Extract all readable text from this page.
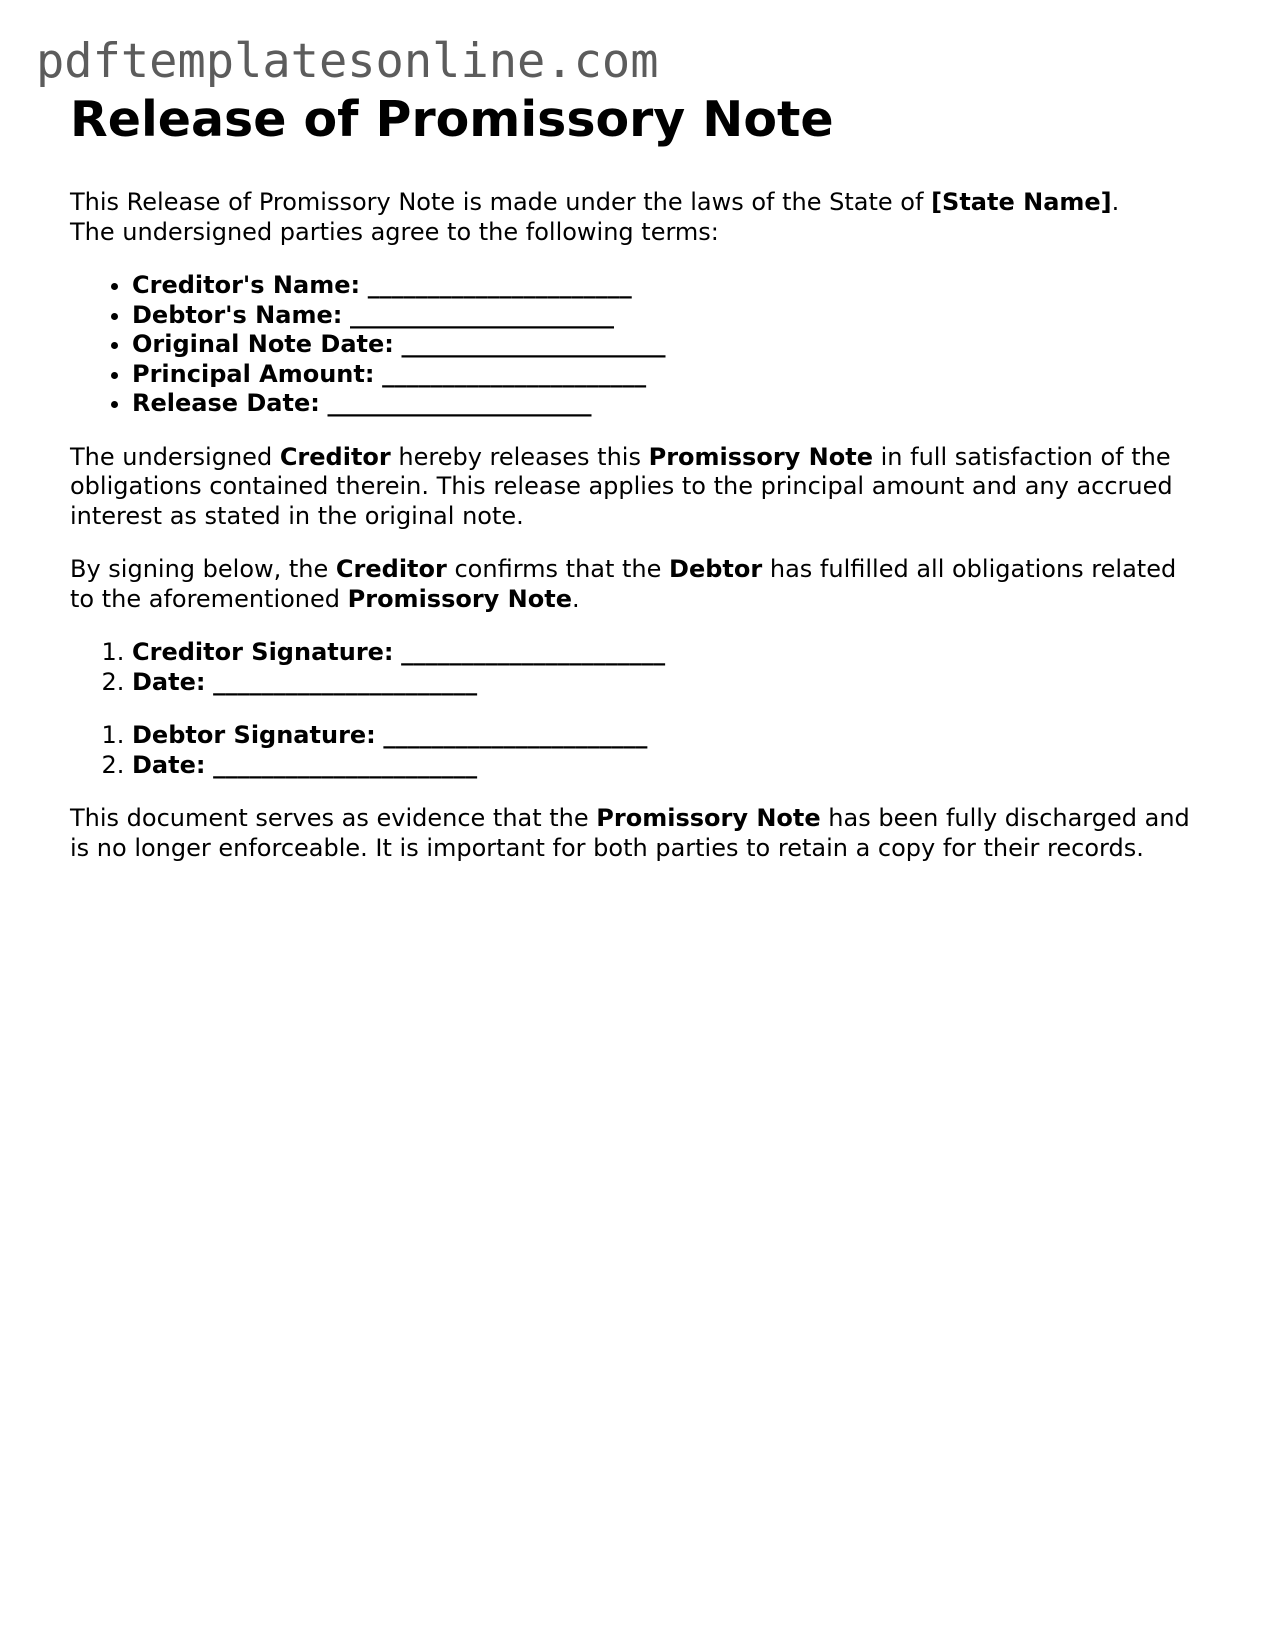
pdftemplatesonline.com
Release of Promissory Note

This Release of Promissory Note is made under the laws of the State of [State Name].
The undersigned parties agree to the following terms:

• Creditor's Name: ______________________
• Debtor's Name: ______________________
• Original Note Date: ______________________
• Principal Amount: ______________________
• Release Date: ______________________

The undersigned Creditor hereby releases this Promissory Note in full satisfaction of the obligations contained therein. This release applies to the principal amount and any accrued interest as stated in the original note.

By signing below, the Creditor confirms that the Debtor has fulfilled all obligations related to the aforementioned Promissory Note.

1. Creditor Signature: ______________________
2. Date: ______________________
1. Debtor Signature: ______________________
2. Date: ______________________

This document serves as evidence that the Promissory Note has been fully discharged and is no longer enforceable. It is important for both parties to retain a copy for their records.
